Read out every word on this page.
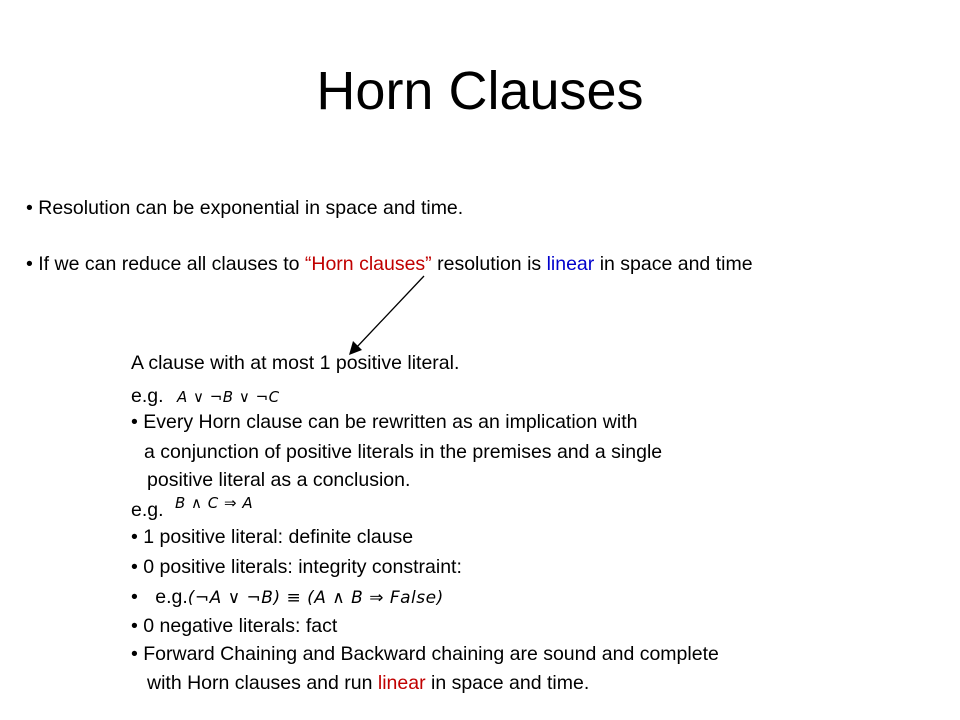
Horn Clauses
• Resolution can be exponential in space and time.
• If we can reduce all clauses to “Horn clauses” resolution is linear in space and time
A clause with at most 1 positive literal.
e.g. A ∨ ¬B ∨ ¬C
• Every Horn clause can be rewritten as an implication with
a conjunction of positive literals in the premises and a single
positive literal as a conclusion.
e.g. $^{B \wedge C \Rightarrow A}$
• 1 positive literal: definite clause
• 0 positive literals: integrity constraint:
• e.g.(¬A ∨ ¬B) ≡ (A ∧ B ⇒ False)
• 0 negative literals: fact
• Forward Chaining and Backward chaining are sound and complete
with Horn clauses and run linear in space and time.
